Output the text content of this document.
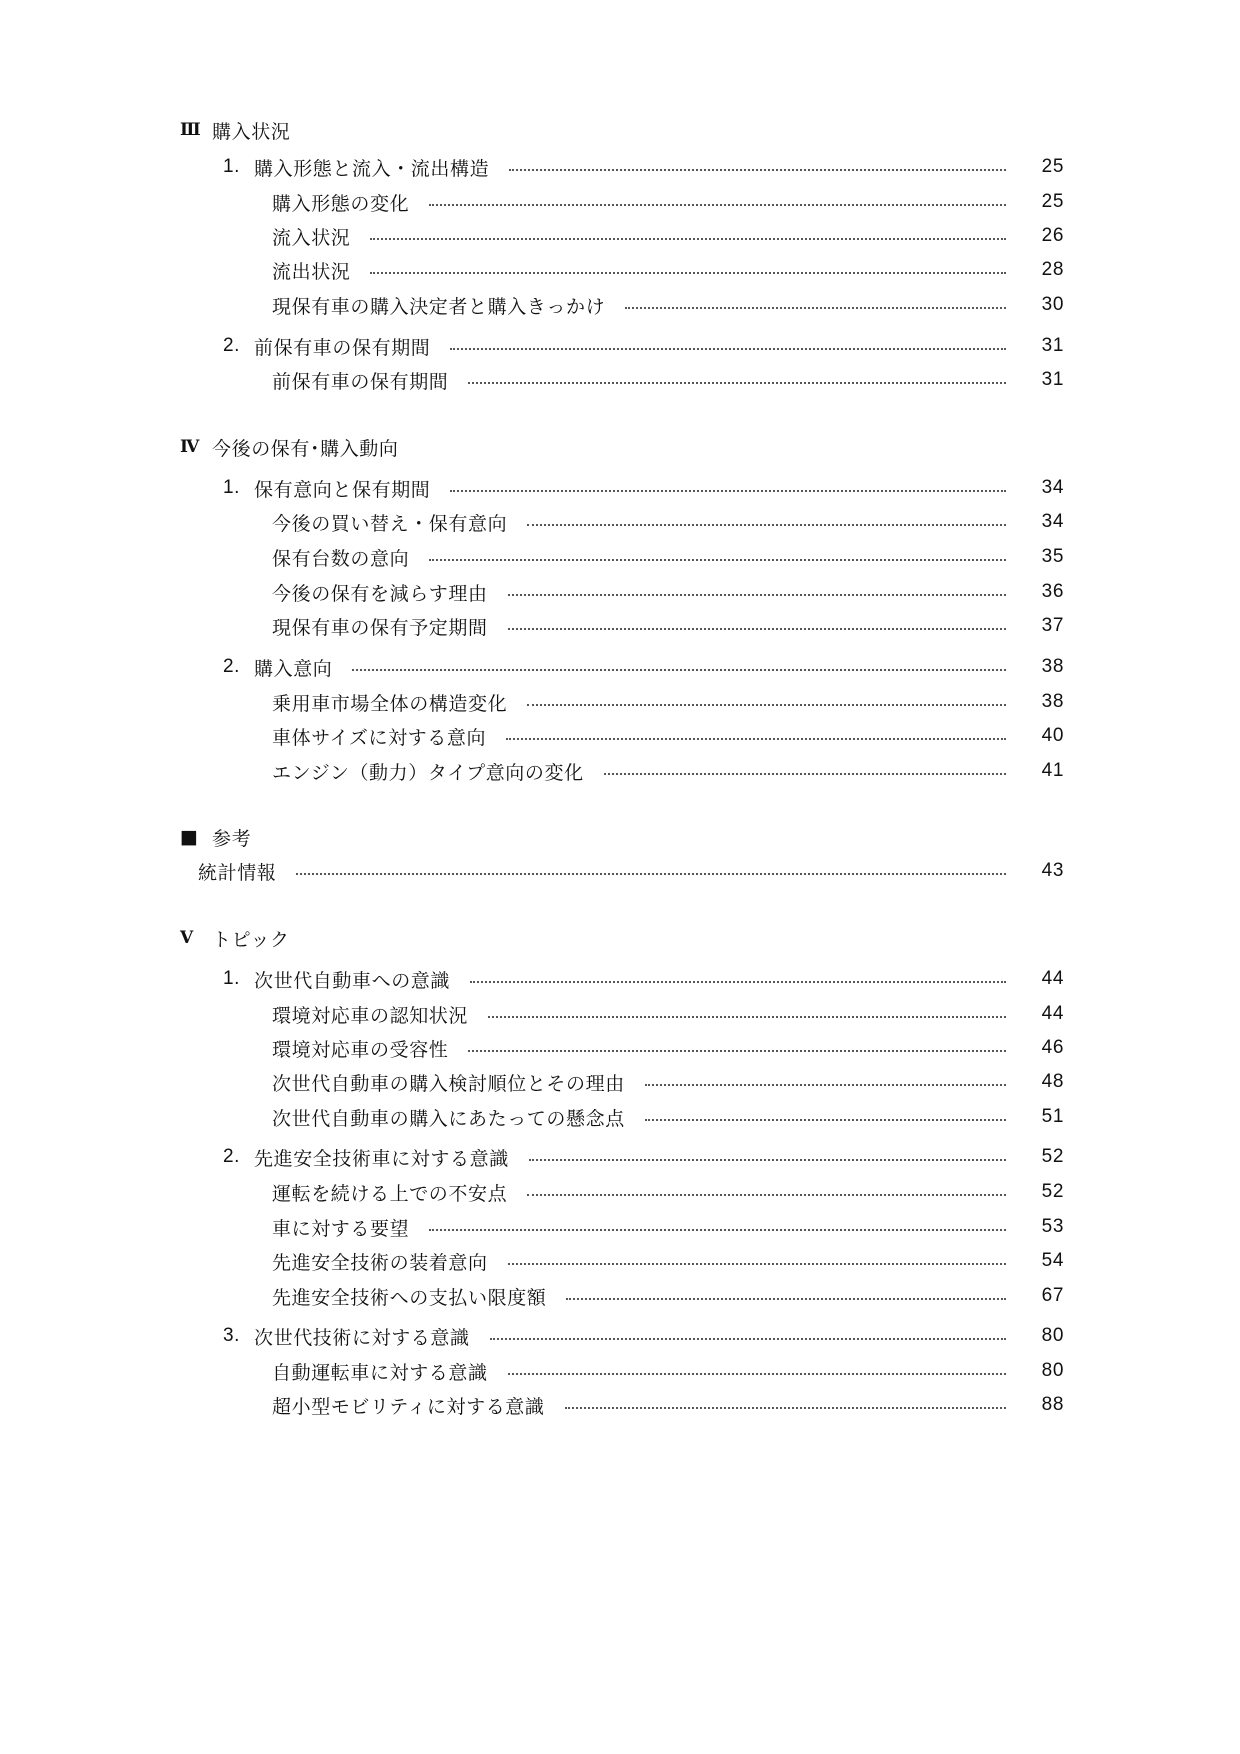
Ⅲ 購入状況
1. 購入形態と流入・流出構造	25
購入形態の変化	25
流入状況	26
流出状況	28
現保有車の購入決定者と購入きっかけ	30
2. 前保有車の保有期間	31
前保有車の保有期間	31
Ⅳ 今後の保有･購入動向
1. 保有意向と保有期間	34
今後の買い替え・保有意向	34
保有台数の意向	35
今後の保有を減らす理由	36
現保有車の保有予定期間	37
2. 購入意向	38
乗用車市場全体の構造変化	38
車体サイズに対する意向	40
エンジン（動力）タイプ意向の変化	41
■ 参考
統計情報	43
Ⅴ トピック
1. 次世代自動車への意識	44
環境対応車の認知状況	44
環境対応車の受容性	46
次世代自動車の購入検討順位とその理由	48
次世代自動車の購入にあたっての懸念点	51
2. 先進安全技術車に対する意識	52
運転を続ける上での不安点	52
車に対する要望	53
先進安全技術の装着意向	54
先進安全技術への支払い限度額	67
3. 次世代技術に対する意識	80
自動運転車に対する意識	80
超小型モビリティに対する意識	88
